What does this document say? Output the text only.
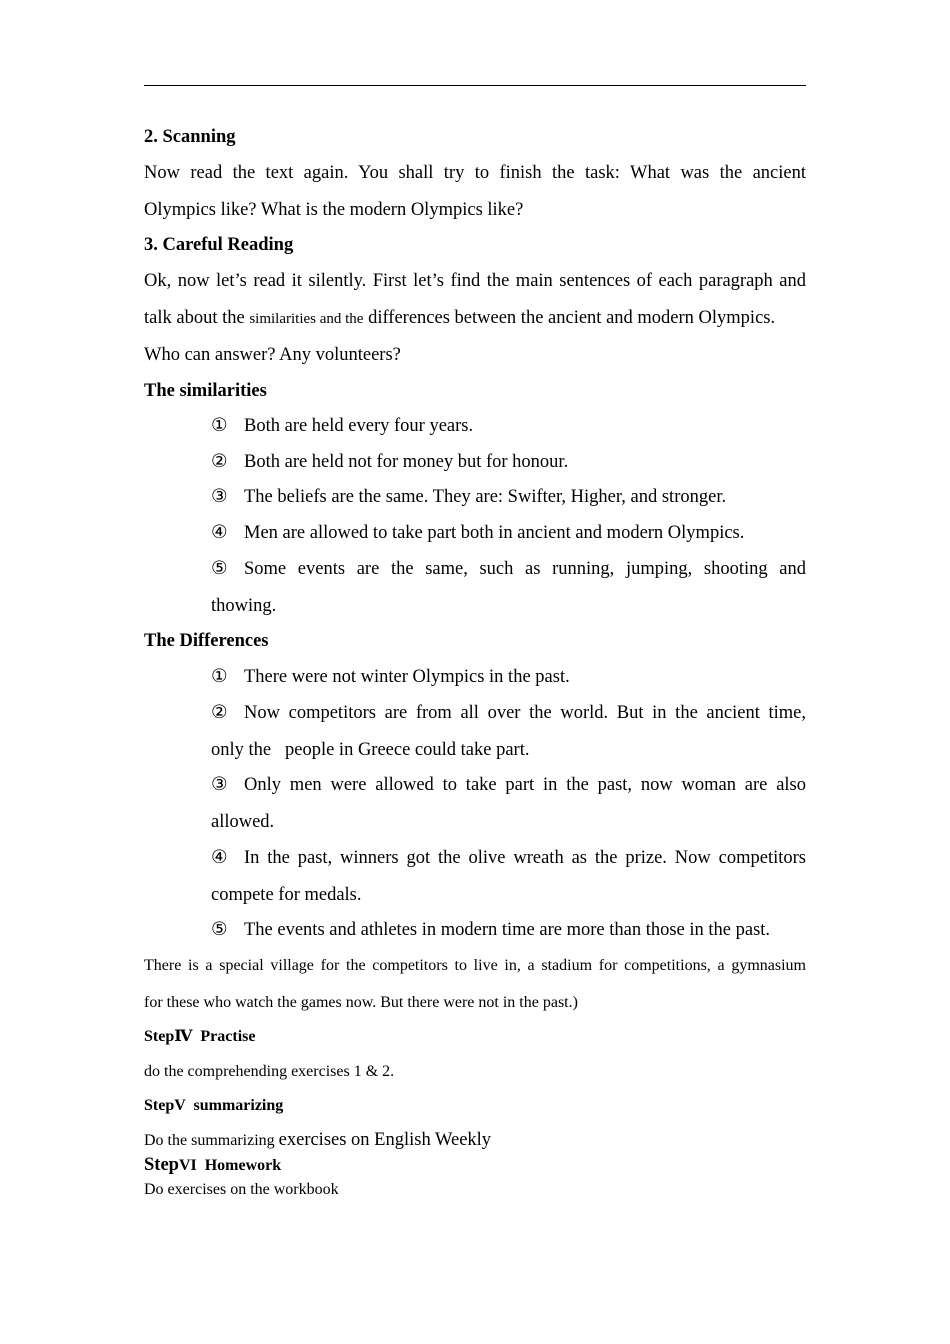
2. Scanning
Now read the text again. You shall try to finish the task: What was the ancient
Olympics like? What is the modern Olympics like?
3. Careful Reading
Ok, now let’s read it silently. First let’s find the main sentences of each paragraph and
talk about the similarities and the differences between the ancient and modern Olympics.
Who can answer? Any volunteers?
The similarities
① Both are held every four years.
② Both are held not for money but for honour.
③ The beliefs are the same. They are: Swifter, Higher, and stronger.
④ Men are allowed to take part both in ancient and modern Olympics.
⑤ Some events are the same, such as running, jumping, shooting and
thowing.
The Differences
① There were not winter Olympics in the past.
② Now competitors are from all over the world. But in the ancient time,
only the   people in Greece could take part.
③ Only men were allowed to take part in the past, now woman are also
allowed.
④ In the past, winners got the olive wreath as the prize. Now competitors
compete for medals.
⑤ The events and athletes in modern time are more than those in the past.
There is a special village for the competitors to live in, a stadium for competitions, a gymnasium
for these who watch the games now. But there were not in the past.)
StepⅣ  Practise
do the comprehending exercises 1 & 2.
StepV  summarizing
Do the summarizing exercises on English Weekly
StepVI  Homework
Do exercises on the workbook
